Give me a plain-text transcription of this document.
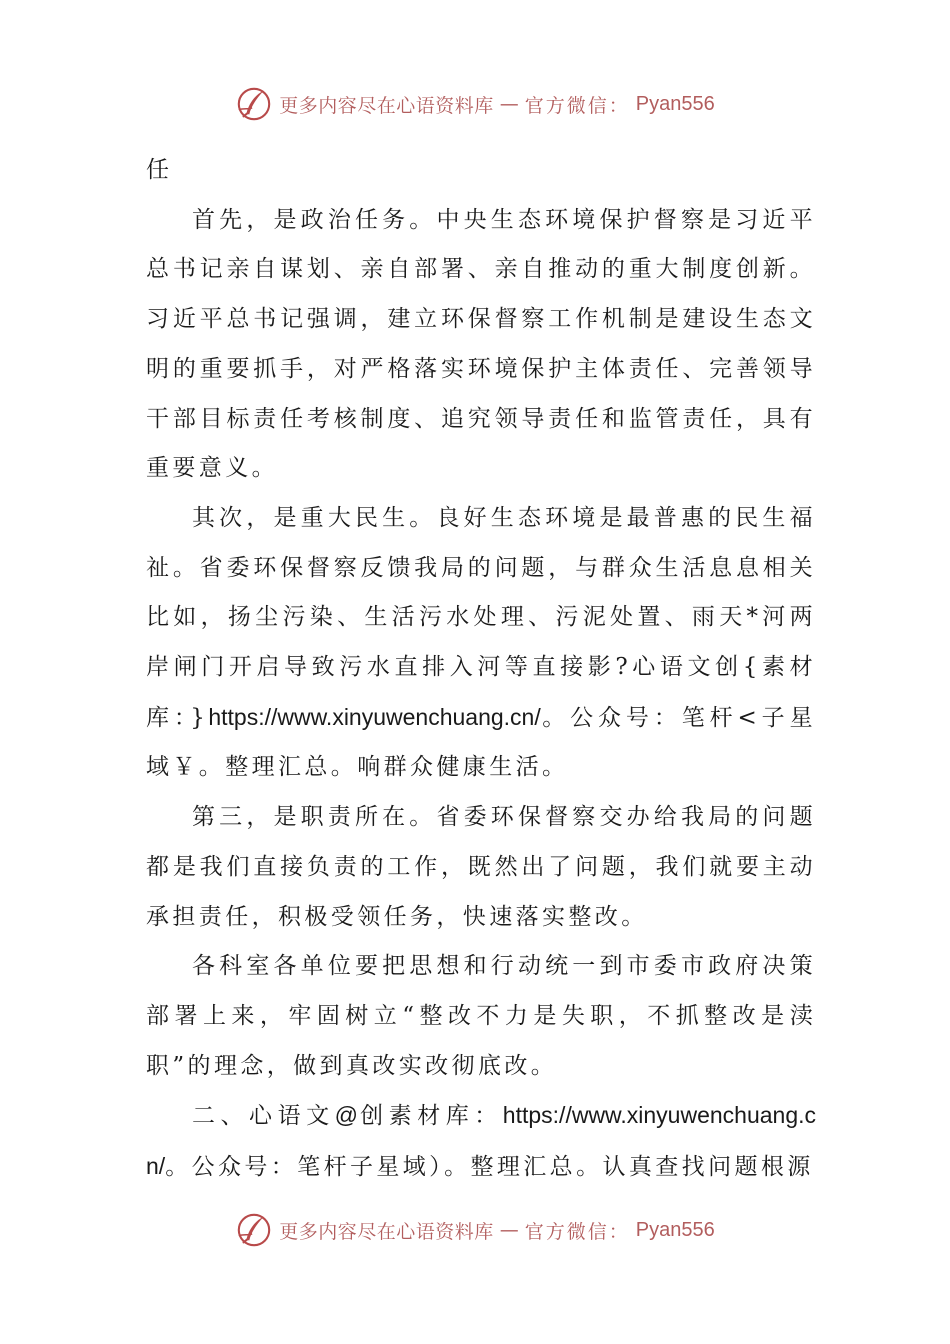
更多内容尽在心语资料库 — 官方微信： Pyan556

任

首先，是政治任务。中央生态环境保护督察是习近平总书记亲自谋划、亲自部署、亲自推动的重大制度创新。习近平总书记强调，建立环保督察工作机制是建设生态文明的重要抓手，对严格落实环境保护主体责任、完善领导干部目标责任考核制度、追究领导责任和监管责任，具有重要意义。

其次，是重大民生。良好生态环境是最普惠的民生福祉。省委环保督察反馈我局的问题，与群众生活息息相关比如，扬尘污染、生活污水处理、污泥处置、雨天*河两岸闸门开启导致污水直排入河等直接影?心语文创{素材库：}https://www.xinyuwenchuang.cn/。公众号：笔杆<子星域￥。整理汇总。响群众健康生活。

第三，是职责所在。省委环保督察交办给我局的问题都是我们直接负责的工作，既然出了问题，我们就要主动承担责任，积极受领任务，快速落实整改。

各科室各单位要把思想和行动统一到市委市政府决策部署上来，牢固树立“整改不力是失职，不抓整改是渎职”的理念，做到真改实改彻底改。

二、心语文@创素材库：https://www.xinyuwenchuang.cn/。公众号：笔杆子星域）。整理汇总。认真查找问题根源

更多内容尽在心语资料库 — 官方微信： Pyan556
